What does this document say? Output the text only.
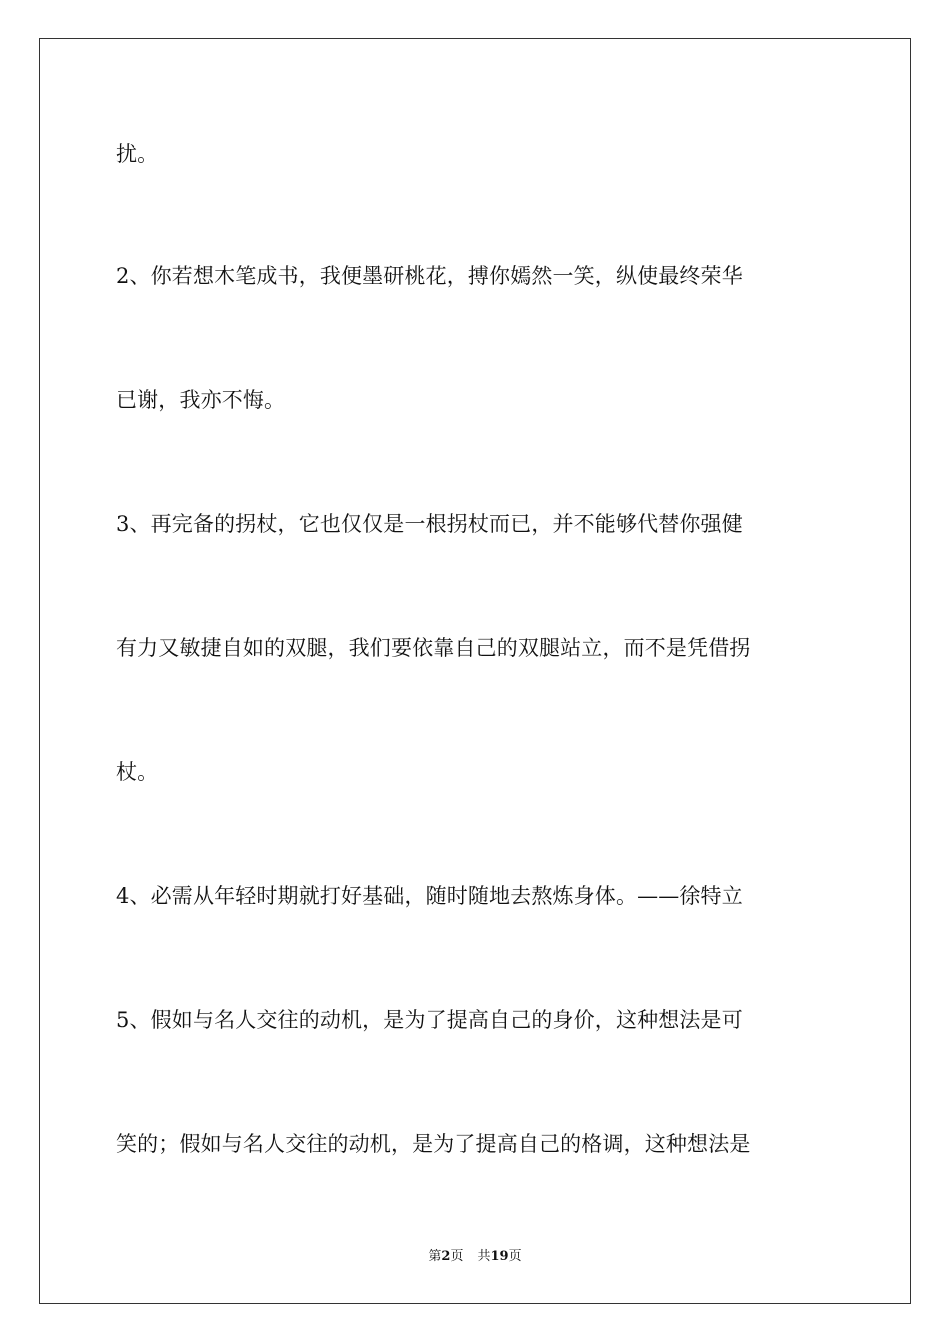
扰。
2、你若想木笔成书，我便墨研桃花，搏你嫣然一笑，纵使最终荣华
已谢，我亦不悔。
3、再完备的拐杖，它也仅仅是一根拐杖而已，并不能够代替你强健
有力又敏捷自如的双腿，我们要依靠自己的双腿站立，而不是凭借拐
杖。
4、必需从年轻时期就打好基础，随时随地去熬炼身体。——徐特立
5、假如与名人交往的动机，是为了提高自己的身价，这种想法是可
笑的；假如与名人交往的动机，是为了提高自己的格调，这种想法是
第2页 共19页
